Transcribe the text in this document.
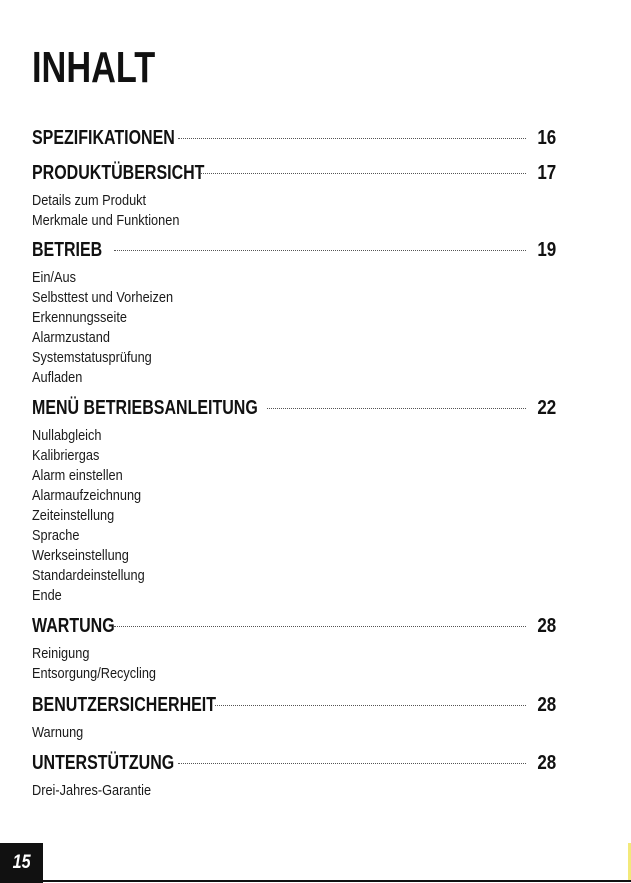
INHALT
SPEZIFIKATIONEN	16
PRODUKTÜBERSICHT	17
Details zum Produkt
Merkmale und Funktionen
BETRIEB	19
Ein/Aus
Selbsttest und Vorheizen
Erkennungsseite
Alarmzustand
Systemstatusprüfung
Aufladen
MENÜ BETRIEBSANLEITUNG	22
Nullabgleich
Kalibriergas
Alarm einstellen
Alarmaufzeichnung
Zeiteinstellung
Sprache
Werkseinstellung
Standardeinstellung
Ende
WARTUNG	28
Reinigung
Entsorgung/Recycling
BENUTZERSICHERHEIT	28
Warnung
UNTERSTÜTZUNG	28
Drei-Jahres-Garantie
15
